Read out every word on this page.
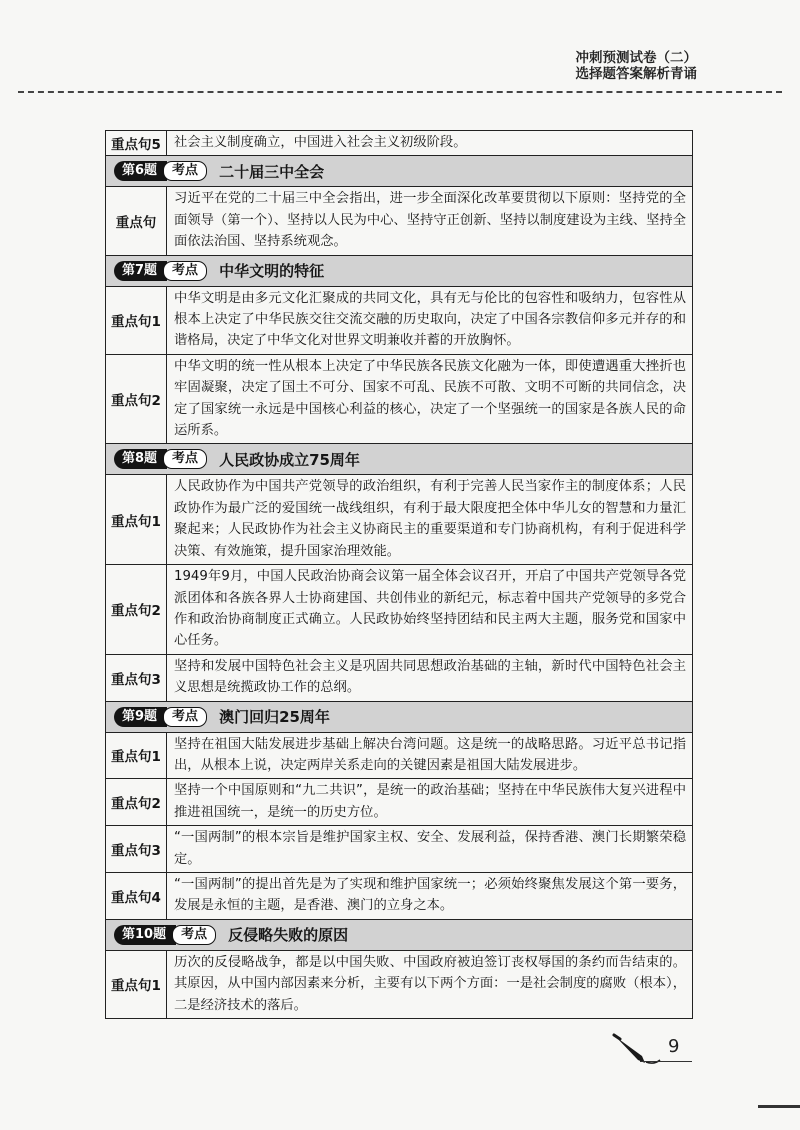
冲刺预测试卷（二）
选择题答案解析青诵
重点句5	社会主义制度确立，中国进入社会主义初级阶段。
第6题 考点 二十届三中全会	
重点句	习近平在党的二十届三中全会指出，进一步全面深化改革要贯彻以下原则：坚持党的全面领导（第一个）、坚持以人民为中心、坚持守正创新、坚持以制度建设为主线、坚持全面依法治国、坚持系统观念。
第7题 考点 中华文明的特征	
重点句1	中华文明是由多元文化汇聚成的共同文化，具有无与伦比的包容性和吸纳力，包容性从根本上决定了中华民族交往交流交融的历史取向，决定了中国各宗教信仰多元并存的和谐格局，决定了中华文化对世界文明兼收并蓄的开放胸怀。
重点句2	中华文明的统一性从根本上决定了中华民族各民族文化融为一体，即使遭遇重大挫折也牢固凝聚，决定了国土不可分、国家不可乱、民族不可散、文明不可断的共同信念，决定了国家统一永远是中国核心利益的核心，决定了一个坚强统一的国家是各族人民的命运所系。
第8题 考点 人民政协成立75周年	
重点句1	人民政协作为中国共产党领导的政治组织，有利于完善人民当家作主的制度体系；人民政协作为最广泛的爱国统一战线组织，有利于最大限度把全体中华儿女的智慧和力量汇聚起来；人民政协作为社会主义协商民主的重要渠道和专门协商机构，有利于促进科学决策、有效施策，提升国家治理效能。
重点句2	1949年9月，中国人民政治协商会议第一届全体会议召开，开启了中国共产党领导各党派团体和各族各界人士协商建国、共创伟业的新纪元，标志着中国共产党领导的多党合作和政治协商制度正式确立。人民政协始终坚持团结和民主两大主题，服务党和国家中心任务。
重点句3	坚持和发展中国特色社会主义是巩固共同思想政治基础的主轴，新时代中国特色社会主义思想是统揽政协工作的总纲。
第9题 考点 澳门回归25周年	
重点句1	坚持在祖国大陆发展进步基础上解决台湾问题。这是统一的战略思路。习近平总书记指出，从根本上说，决定两岸关系走向的关键因素是祖国大陆发展进步。
重点句2	坚持一个中国原则和“九二共识”，是统一的政治基础；坚持在中华民族伟大复兴进程中推进祖国统一，是统一的历史方位。
重点句3	“一国两制”的根本宗旨是维护国家主权、安全、发展利益，保持香港、澳门长期繁荣稳定。
重点句4	“一国两制”的提出首先是为了实现和维护国家统一；必须始终聚焦发展这个第一要务，发展是永恒的主题，是香港、澳门的立身之本。
第10题 考点 反侵略失败的原因	
重点句1	历次的反侵略战争，都是以中国失败、中国政府被迫签订丧权辱国的条约而告结束的。其原因，从中国内部因素来分析，主要有以下两个方面：一是社会制度的腐败（根本），二是经济技术的落后。
9
